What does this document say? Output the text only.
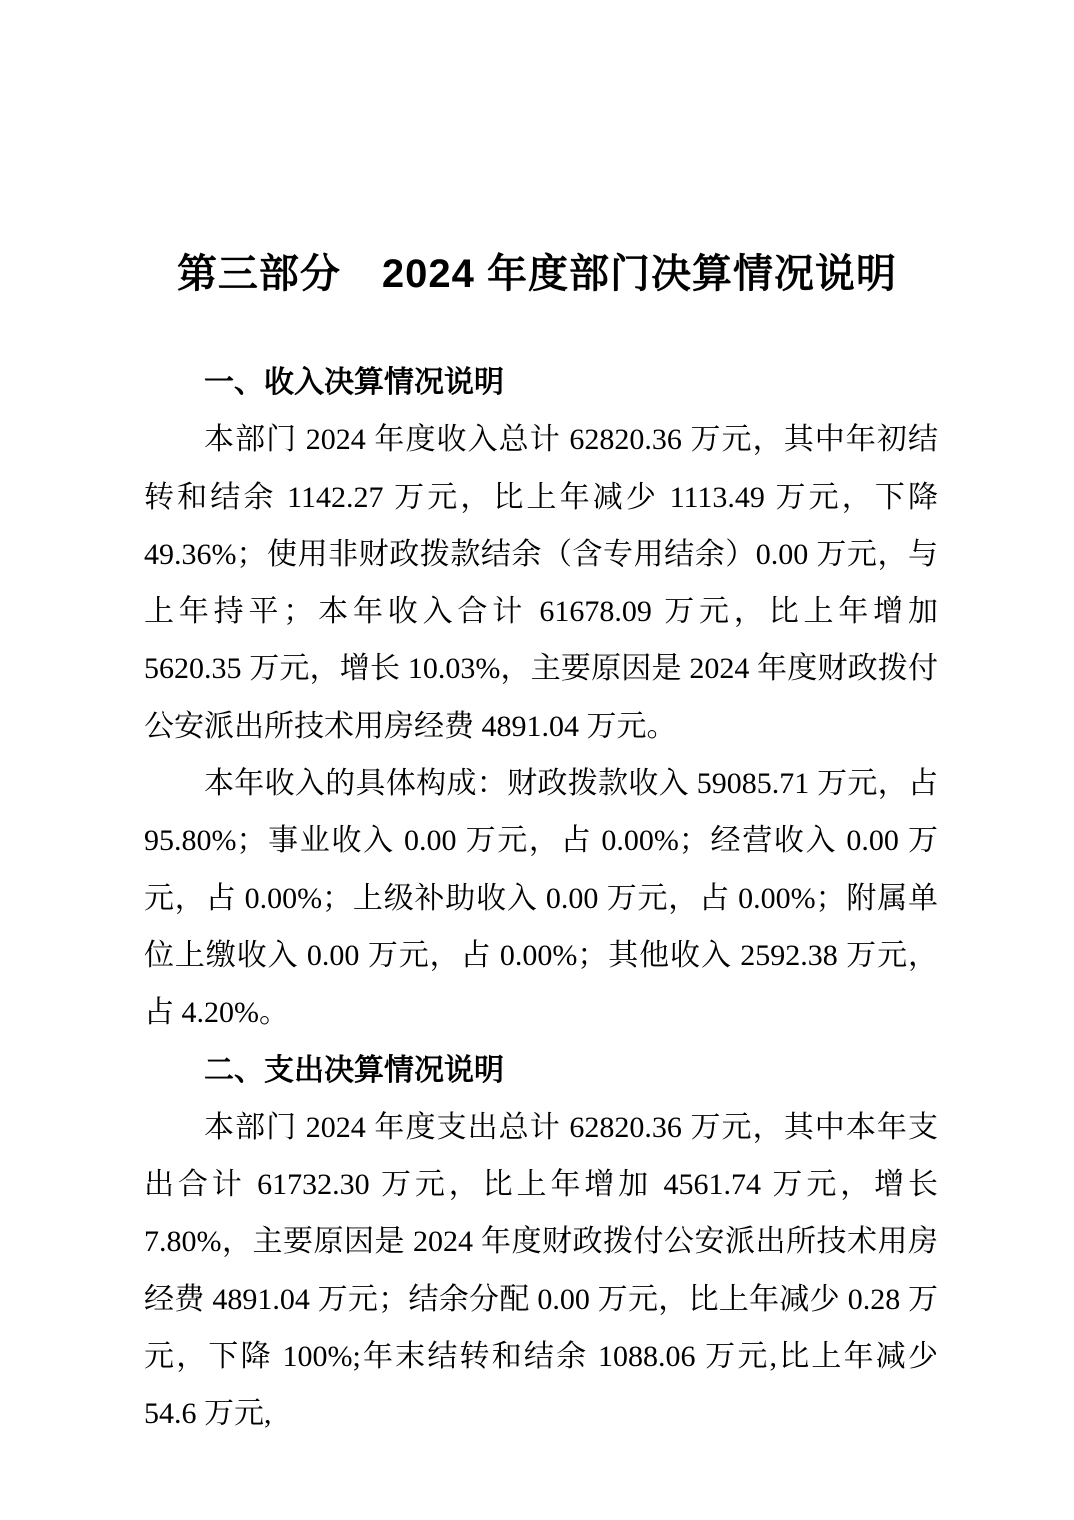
第三部分　2024 年度部门决算情况说明
一、收入决算情况说明

本部门 2024 年度收入总计 62820.36 万元，其中年初结转和结余 1142.27 万元，比上年减少 1113.49 万元，下降 49.36%；使用非财政拨款结余（含专用结余）0.00 万元，与上年持平；本年收入合计 61678.09 万元，比上年增加 5620.35 万元，增长 10.03%，主要原因是 2024 年度财政拨付公安派出所技术用房经费 4891.04 万元。

本年收入的具体构成：财政拨款收入 59085.71 万元，占 95.80%；事业收入 0.00 万元，占 0.00%；经营收入 0.00 万元，占 0.00%；上级补助收入 0.00 万元，占 0.00%；附属单位上缴收入 0.00 万元，占 0.00%；其他收入 2592.38 万元，占 4.20%。

二、支出决算情况说明

本部门 2024 年度支出总计 62820.36 万元，其中本年支出合计 61732.30 万元，比上年增加 4561.74 万元，增长 7.80%，主要原因是 2024 年度财政拨付公安派出所技术用房经费 4891.04 万元；结余分配 0.00 万元，比上年减少 0.28 万元，下降 100%;年末结转和结余 1088.06 万元,比上年减少 54.6 万元,
